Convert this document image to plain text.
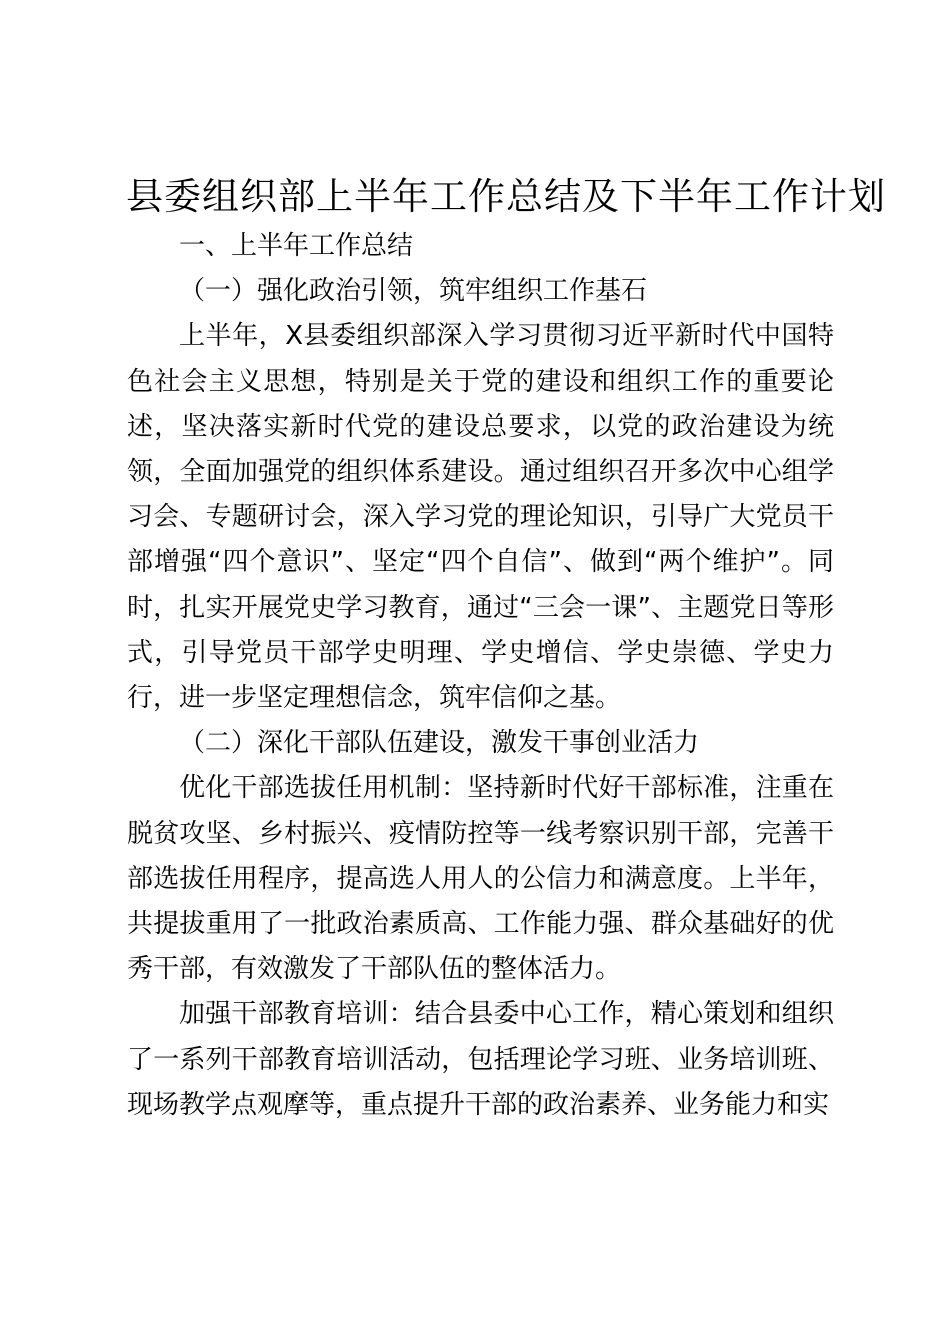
县委组织部上半年工作总结及下半年工作计划

一、上半年工作总结

（一）强化政治引领，筑牢组织工作基石

上半年，X县委组织部深入学习贯彻习近平新时代中国特色社会主义思想，特别是关于党的建设和组织工作的重要论述，坚决落实新时代党的建设总要求，以党的政治建设为统领，全面加强党的组织体系建设。通过组织召开多次中心组学习会、专题研讨会，深入学习党的理论知识，引导广大党员干部增强“四个意识”、坚定“四个自信”、做到“两个维护”。同时，扎实开展党史学习教育，通过“三会一课”、主题党日等形式，引导党员干部学史明理、学史增信、学史崇德、学史力行，进一步坚定理想信念，筑牢信仰之基。

（二）深化干部队伍建设，激发干事创业活力

优化干部选拔任用机制：坚持新时代好干部标准，注重在脱贫攻坚、乡村振兴、疫情防控等一线考察识别干部，完善干部选拔任用程序，提高选人用人的公信力和满意度。上半年，共提拔重用了一批政治素质高、工作能力强、群众基础好的优秀干部，有效激发了干部队伍的整体活力。

加强干部教育培训：结合县委中心工作，精心策划和组织了一系列干部教育培训活动，包括理论学习班、业务培训班、现场教学点观摩等，重点提升干部的政治素养、业务能力和实
